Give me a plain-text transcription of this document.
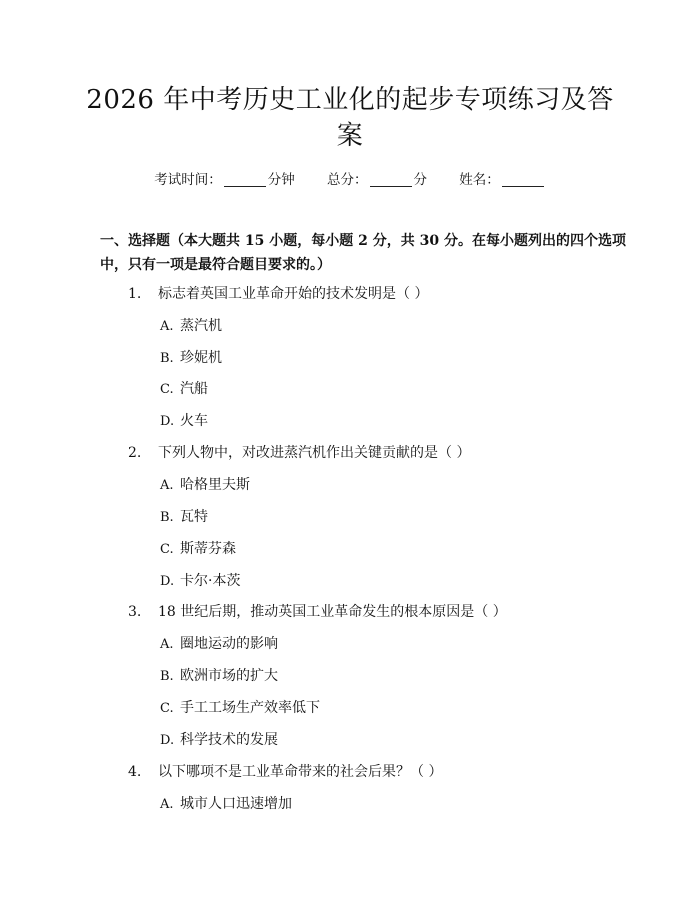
2026 年中考历史工业化的起步专项练习及答
案
考试时间：	分钟 总分：	分 姓名：
一、选择题（本大题共 15 小题，每小题 2 分，共 30 分。在每小题列出的四个选项中，只有一项是最符合题目要求的。）
1. 标志着英国工业革命开始的技术发明是（ ）
A. 蒸汽机
B. 珍妮机
C. 汽船
D. 火车
2. 下列人物中，对改进蒸汽机作出关键贡献的是（ ）
A. 哈格里夫斯
B. 瓦特
C. 斯蒂芬森
D. 卡尔·本茨
3. 18 世纪后期，推动英国工业革命发生的根本原因是（ ）
A. 圈地运动的影响
B. 欧洲市场的扩大
C. 手工工场生产效率低下
D. 科学技术的发展
4. 以下哪项不是工业革命带来的社会后果？（ ）
A. 城市人口迅速增加
